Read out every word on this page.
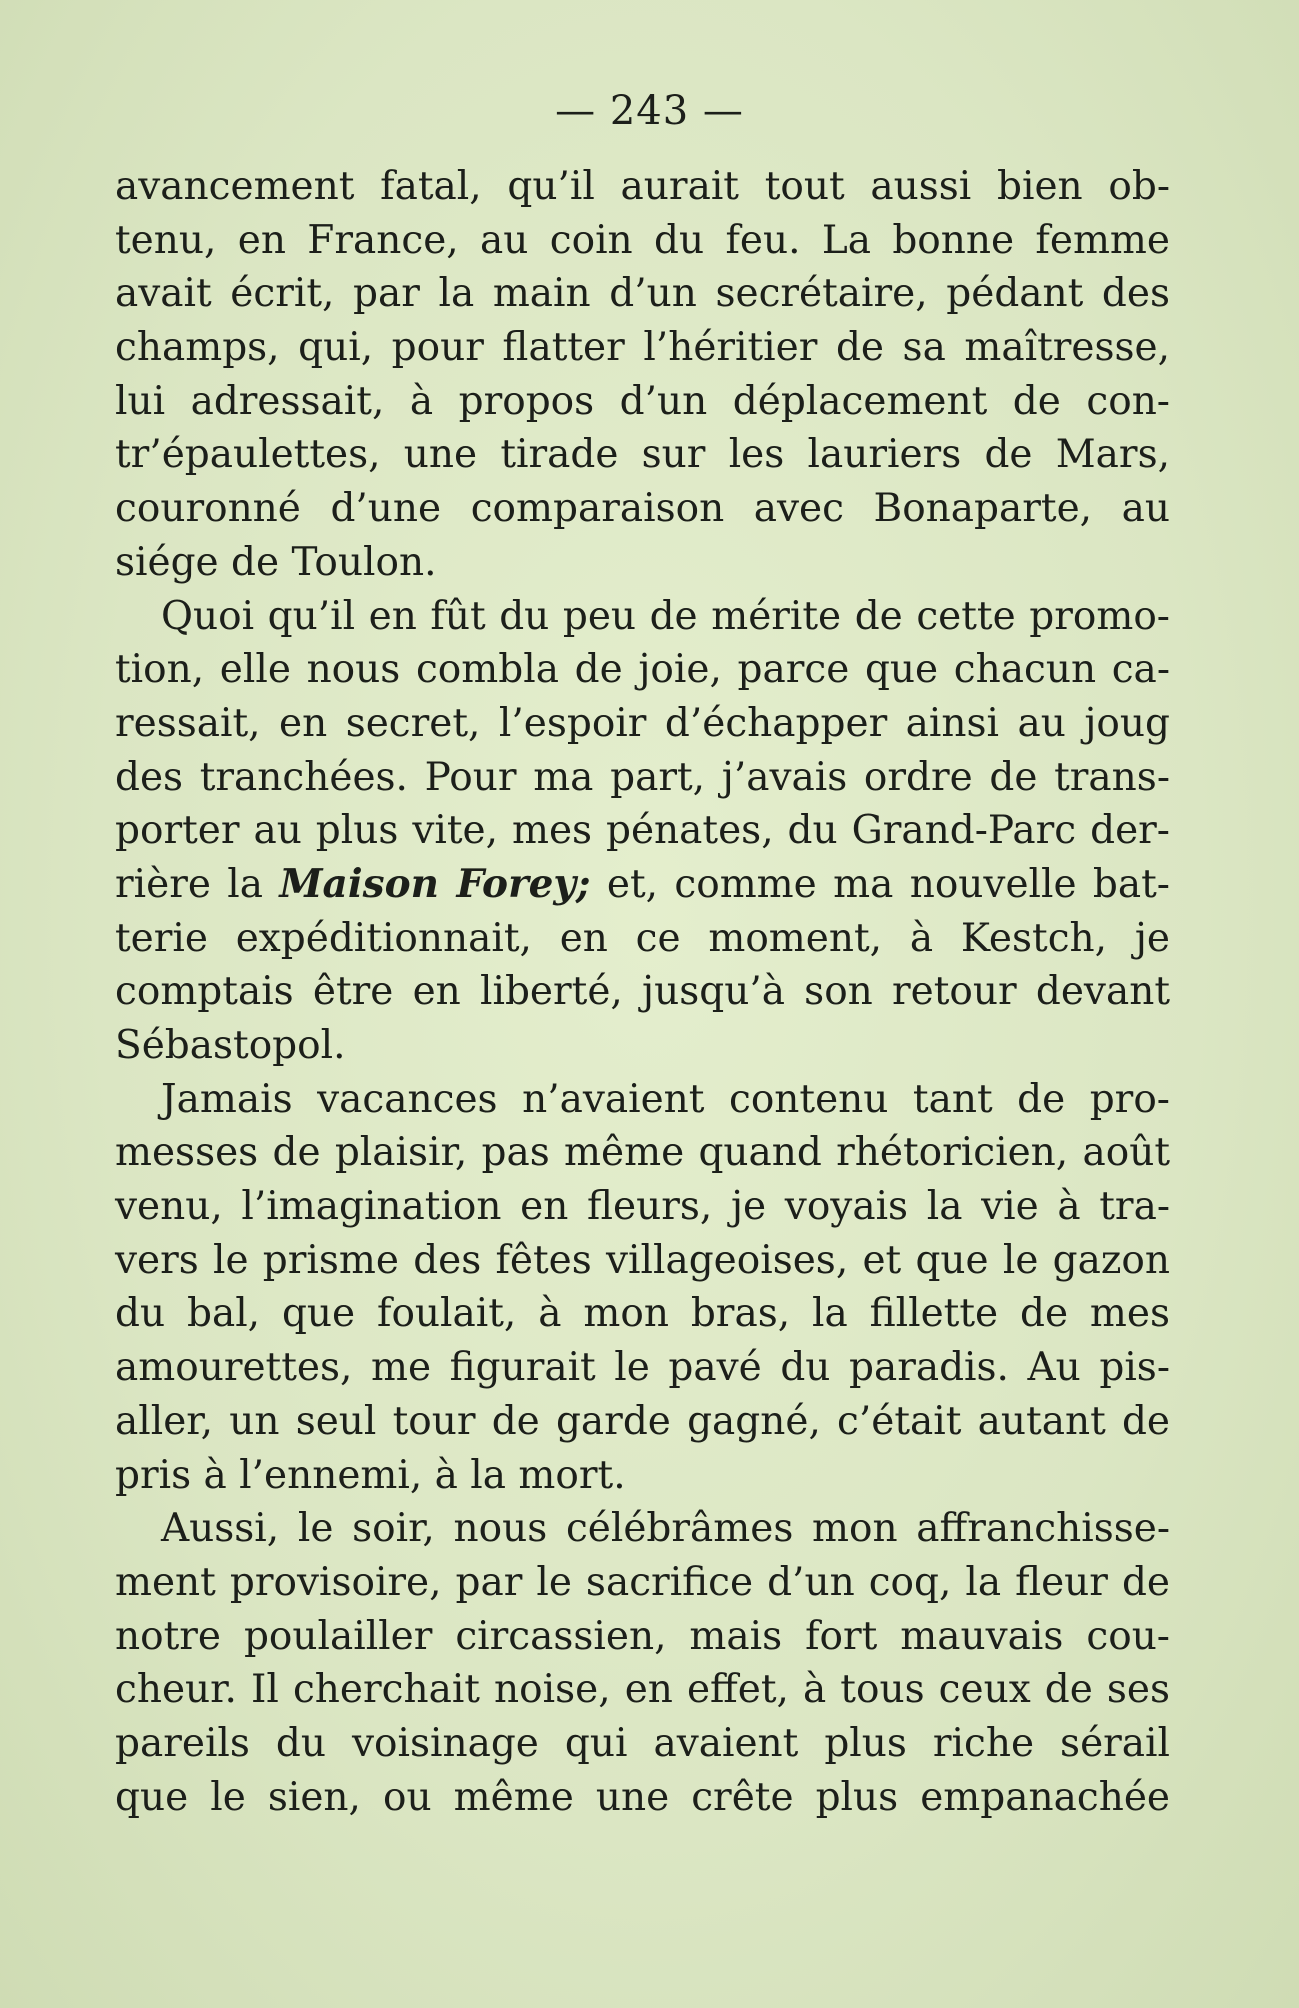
— 243 —
avancement fatal, qu’il aurait tout aussi bien ob-
tenu, en France, au coin du feu. La bonne femme
avait écrit, par la main d’un secrétaire, pédant des
champs, qui, pour flatter l’héritier de sa maîtresse,
lui adressait, à propos d’un déplacement de con-
tr’épaulettes, une tirade sur les lauriers de Mars,
couronné d’une comparaison avec Bonaparte, au
siége de Toulon.
Quoi qu’il en fût du peu de mérite de cette promo-
tion, elle nous combla de joie, parce que chacun ca-
ressait, en secret, l’espoir d’échapper ainsi au joug
des tranchées. Pour ma part, j’avais ordre de trans-
porter au plus vite, mes pénates, du Grand-Parc der-
rière la Maison Forey; et, comme ma nouvelle bat-
terie expéditionnait, en ce moment, à Kestch, je
comptais être en liberté, jusqu’à son retour devant
Sébastopol.
Jamais vacances n’avaient contenu tant de pro-
messes de plaisir, pas même quand rhétoricien, août
venu, l’imagination en fleurs, je voyais la vie à tra-
vers le prisme des fêtes villageoises, et que le gazon
du bal, que foulait, à mon bras, la fillette de mes
amourettes, me figurait le pavé du paradis. Au pis-
aller, un seul tour de garde gagné, c’était autant de
pris à l’ennemi, à la mort.
Aussi, le soir, nous célébrâmes mon affranchisse-
ment provisoire, par le sacrifice d’un coq, la fleur de
notre poulailler circassien, mais fort mauvais cou-
cheur. Il cherchait noise, en effet, à tous ceux de ses
pareils du voisinage qui avaient plus riche sérail
que le sien, ou même une crête plus empanachée
